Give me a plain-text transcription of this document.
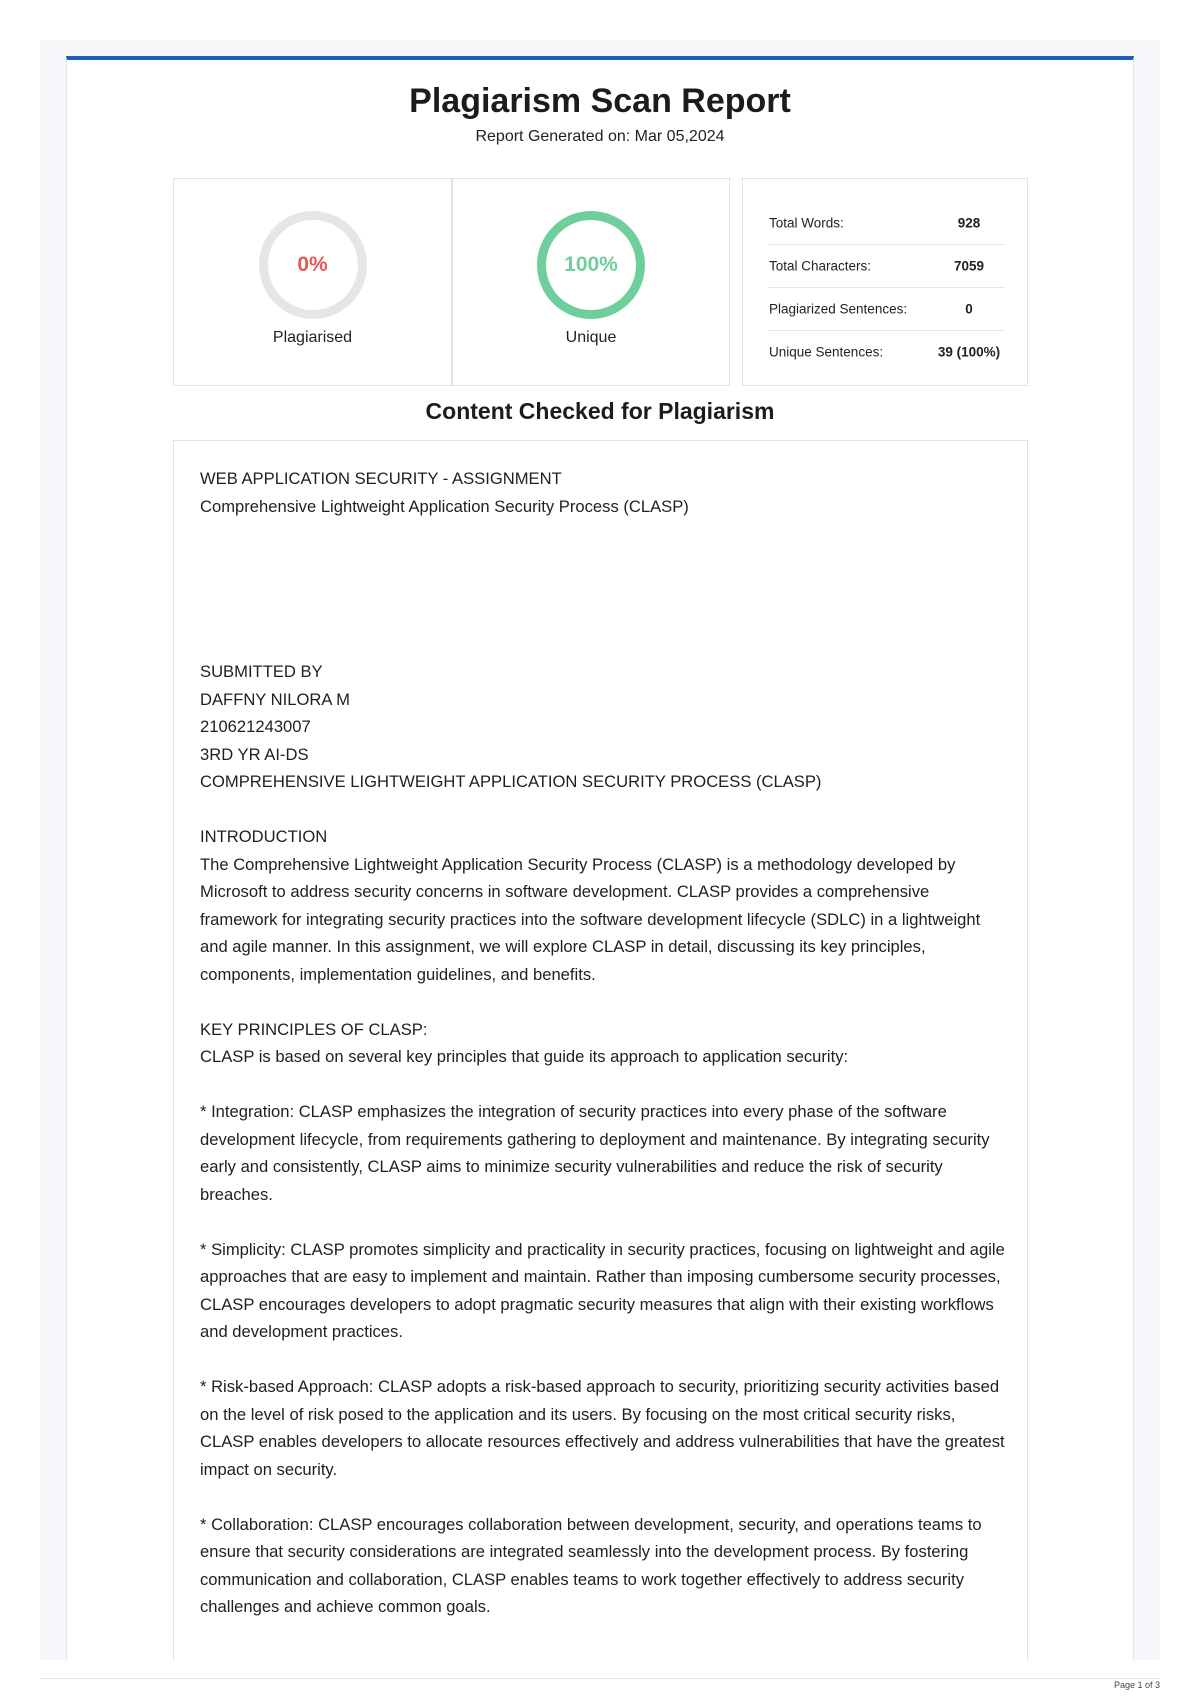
Plagiarism Scan Report
Report Generated on: Mar 05,2024
0%
Plagiarised
100%
Unique
Total Words:	928
Total Characters:	7059
Plagiarized Sentences:	0
Unique Sentences:	39 (100%)
Content Checked for Plagiarism

WEB APPLICATION SECURITY - ASSIGNMENT
Comprehensive Lightweight Application Security Process (CLASP)

SUBMITTED BY
DAFFNY NILORA M
210621243007
3RD YR AI-DS
COMPREHENSIVE LIGHTWEIGHT APPLICATION SECURITY PROCESS (CLASP)

INTRODUCTION
The Comprehensive Lightweight Application Security Process (CLASP) is a methodology developed by Microsoft to address security concerns in software development. CLASP provides a comprehensive framework for integrating security practices into the software development lifecycle (SDLC) in a lightweight and agile manner. In this assignment, we will explore CLASP in detail, discussing its key principles, components, implementation guidelines, and benefits.

KEY PRINCIPLES OF CLASP:
CLASP is based on several key principles that guide its approach to application security:

* Integration: CLASP emphasizes the integration of security practices into every phase of the software development lifecycle, from requirements gathering to deployment and maintenance. By integrating security early and consistently, CLASP aims to minimize security vulnerabilities and reduce the risk of security breaches.

* Simplicity: CLASP promotes simplicity and practicality in security practices, focusing on lightweight and agile approaches that are easy to implement and maintain. Rather than imposing cumbersome security processes, CLASP encourages developers to adopt pragmatic security measures that align with their existing workflows and development practices.

* Risk-based Approach: CLASP adopts a risk-based approach to security, prioritizing security activities based on the level of risk posed to the application and its users. By focusing on the most critical security risks, CLASP enables developers to allocate resources effectively and address vulnerabilities that have the greatest impact on security.

* Collaboration: CLASP encourages collaboration between development, security, and operations teams to ensure that security considerations are integrated seamlessly into the development process. By fostering communication and collaboration, CLASP enables teams to work together effectively to address security challenges and achieve common goals.

Page 1 of 3
